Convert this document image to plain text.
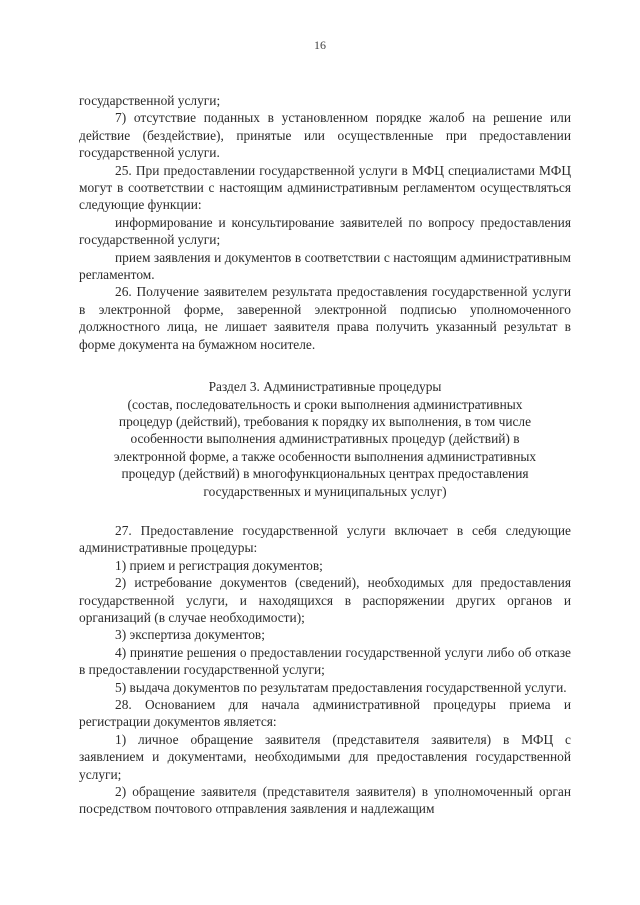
16

государственной услуги;

7) отсутствие поданных в установленном порядке жалоб на решение или действие (бездействие), принятые или осуществленные при предоставлении государственной услуги.

25. При предоставлении государственной услуги в МФЦ специалистами МФЦ могут в соответствии с настоящим административным регламентом осуществляться следующие функции:

информирование и консультирование заявителей по вопросу предоставления государственной услуги;

прием заявления и документов в соответствии с настоящим административным регламентом.

26. Получение заявителем результата предоставления государственной услуги в электронной форме, заверенной электронной подписью уполномоченного должностного лица, не лишает заявителя права получить указанный результат в форме документа на бумажном носителе.

Раздел 3. Административные процедуры
(состав, последовательность и сроки выполнения административных
процедур (действий), требования к порядку их выполнения, в том числе
особенности выполнения административных процедур (действий) в
электронной форме, а также особенности выполнения административных
процедур (действий) в многофункциональных центрах предоставления
государственных и муниципальных услуг)

27. Предоставление государственной услуги включает в себя следующие административные процедуры:

1) прием и регистрация документов;

2) истребование документов (сведений), необходимых для предоставления государственной услуги, и находящихся в распоряжении других органов и организаций (в случае необходимости);

3) экспертиза документов;

4) принятие решения о предоставлении государственной услуги либо об отказе в предоставлении государственной услуги;

5) выдача документов по результатам предоставления государственной услуги.

28. Основанием для начала административной процедуры приема и регистрации документов является:

1) личное обращение заявителя (представителя заявителя) в МФЦ с заявлением и документами, необходимыми для предоставления государственной услуги;

2) обращение заявителя (представителя заявителя) в уполномоченный орган посредством почтового отправления заявления и надлежащим
